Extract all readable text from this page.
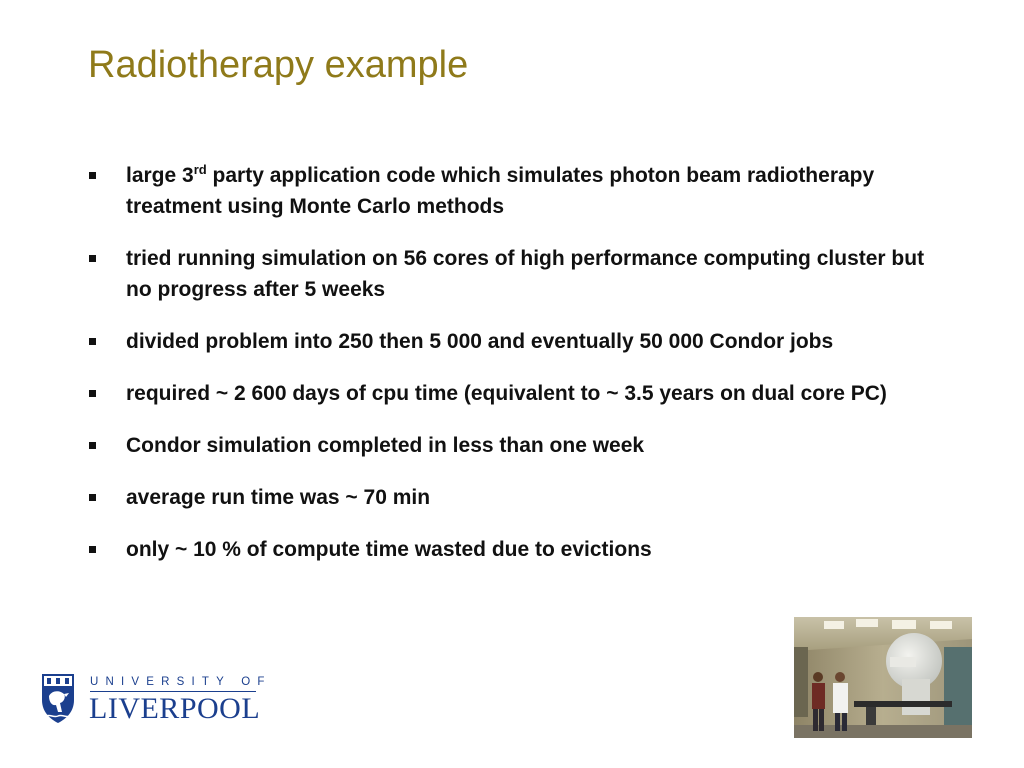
Radiotherapy example
large 3rd party application code which simulates photon beam radiotherapy treatment using Monte Carlo methods
tried running simulation on 56 cores of high performance computing cluster but no progress after 5 weeks
divided problem into 250 then 5 000 and eventually 50 000 Condor jobs
required ~ 2 600 days of cpu time (equivalent to ~ 3.5 years on dual core PC)
Condor simulation completed in less than one week
average run time was ~ 70 min
only ~ 10 % of compute time wasted due to evictions
UNIVERSITY OF
LIVERPOOL
